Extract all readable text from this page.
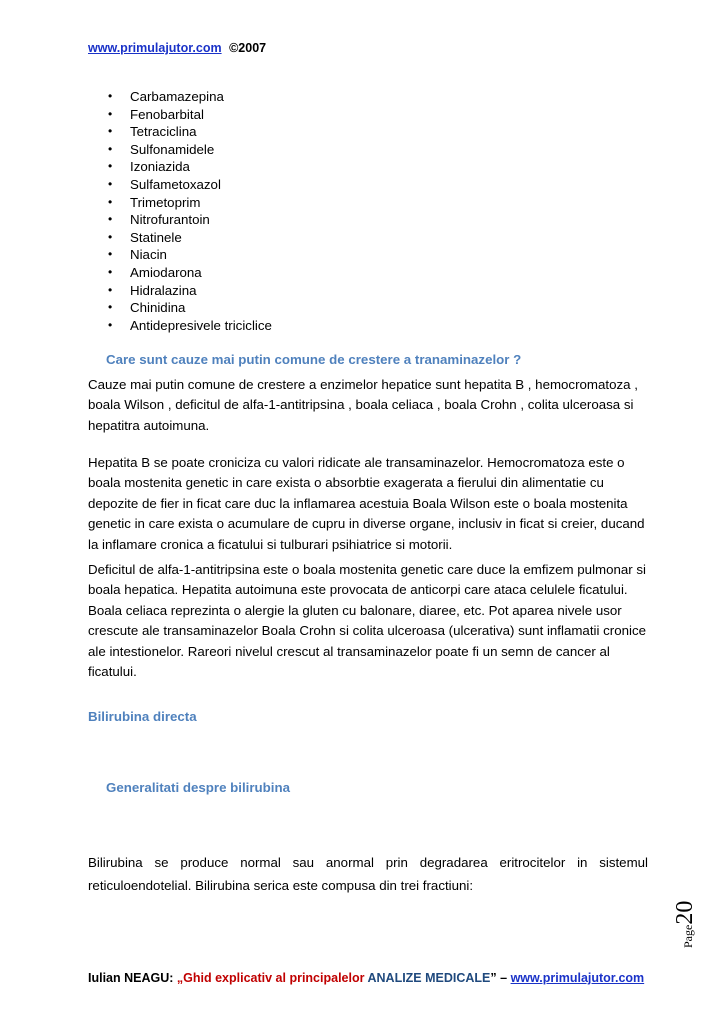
www.primulajutor.com ©2007
• Carbamazepina
• Fenobarbital
• Tetraciclina
• Sulfonamidele
• Izoniazida
• Sulfametoxazol
• Trimetoprim
• Nitrofurantoin
• Statinele
• Niacin
• Amiodarona
• Hidralazina
• Chinidina
• Antidepresivele triciclice
Care sunt cauze mai putin comune de crestere a tranaminazelor ?

Cauze mai putin comune de crestere a enzimelor hepatice sunt hepatita B , hemocromatoza , boala Wilson , deficitul de alfa-1-antitripsina , boala celiaca , boala Crohn , colita ulceroasa si hepatitra autoimuna.

Hepatita B se poate croniciza cu valori ridicate ale transaminazelor. Hemocromatoza este o boala mostenita genetic in care exista o absorbtie exagerata a fierului din alimentatie cu depozite de fier in ficat care duc la inflamarea acestuia Boala Wilson este o boala mostenita genetic in care exista o acumulare de cupru in diverse organe, inclusiv in ficat si creier, ducand la inflamare cronica a ficatului si tulburari psihiatrice si motorii.

Deficitul de alfa-1-antitripsina este o boala mostenita genetic care duce la emfizem pulmonar si boala hepatica. Hepatita autoimuna este provocata de anticorpi care ataca celulele ficatului. Boala celiaca reprezinta o alergie la gluten cu balonare, diaree, etc. Pot aparea nivele usor crescute ale transaminazelor Boala Crohn si colita ulceroasa (ulcerativa) sunt inflamatii cronice ale intestionelor. Rareori nivelul crescut al transaminazelor poate fi un semn de cancer al ficatului.

Bilirubina directa
Generalitati despre bilirubina

Bilirubina se produce normal sau anormal prin degradarea eritrocitelor in sistemul reticuloendotelial. Bilirubina serica este compusa din trei fractiuni:

Page20
Iulian NEAGU: „Ghid explicativ al principalelor ANALIZE MEDICALE” – www.primulajutor.com
